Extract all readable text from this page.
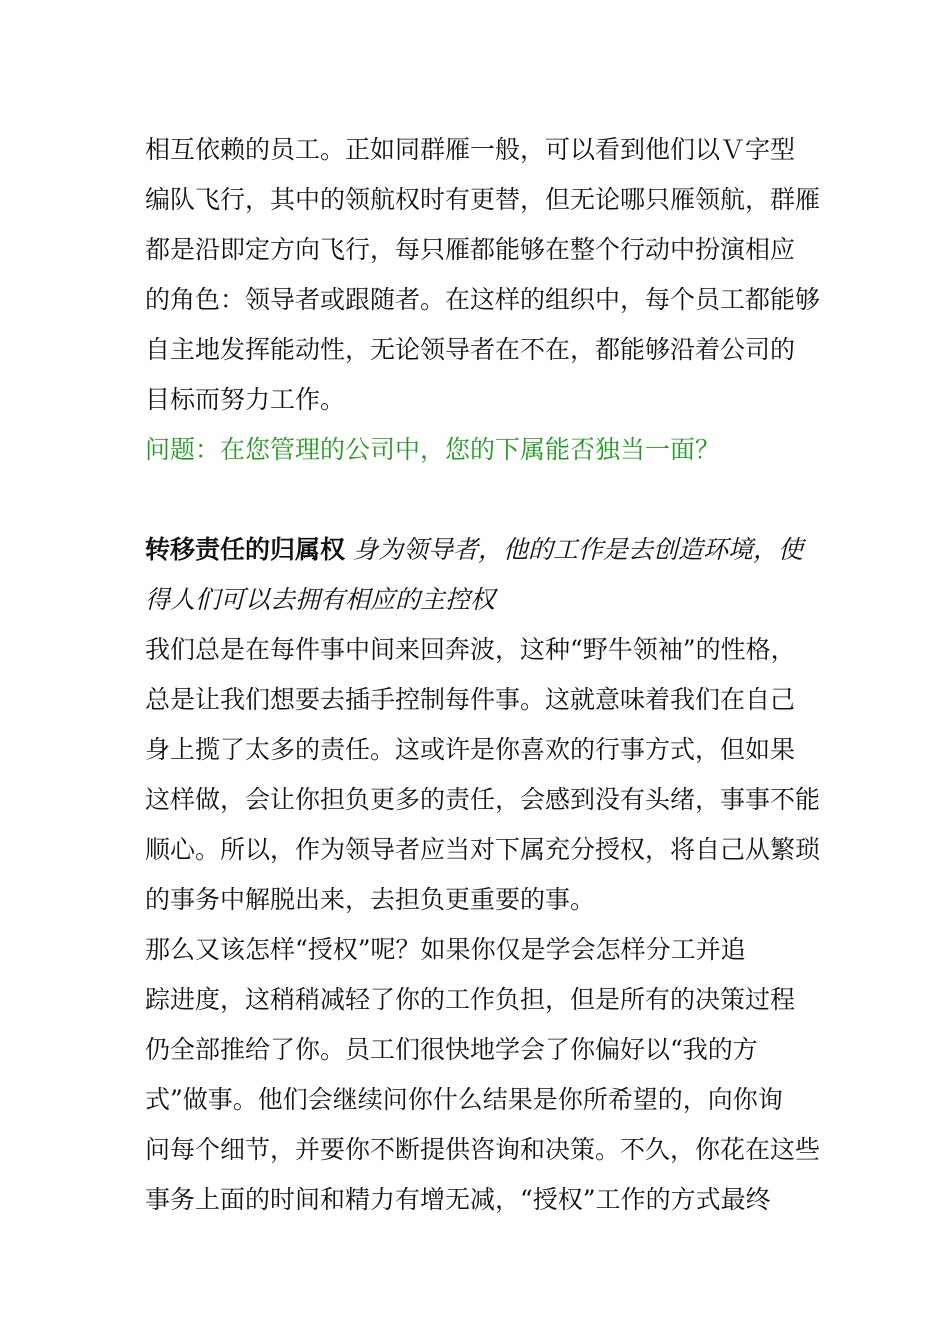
相互依赖的员工。正如同群雁一般，可以看到他们以Ｖ字型
编队飞行，其中的领航权时有更替，但无论哪只雁领航，群雁
都是沿即定方向飞行，每只雁都能够在整个行动中扮演相应
的角色：领导者或跟随者。在这样的组织中，每个员工都能够
自主地发挥能动性，无论领导者在不在，都能够沿着公司的
目标而努力工作。
问题：在您管理的公司中，您的下属能否独当一面？
转移责任的归属权 身为领导者，他的工作是去创造环境，使
得人们可以去拥有相应的主控权
我们总是在每件事中间来回奔波，这种“野牛领袖”的性格，
总是让我们想要去插手控制每件事。这就意味着我们在自己
身上揽了太多的责任。这或许是你喜欢的行事方式，但如果
这样做，会让你担负更多的责任，会感到没有头绪，事事不能
顺心。所以，作为领导者应当对下属充分授权，将自己从繁琐
的事务中解脱出来，去担负更重要的事。
那么又该怎样“授权”呢？如果你仅是学会怎样分工并追
踪进度，这稍稍减轻了你的工作负担，但是所有的决策过程
仍全部推给了你。员工们很快地学会了你偏好以“我的方
式”做事。他们会继续问你什么结果是你所希望的，向你询
问每个细节，并要你不断提供咨询和决策。不久，你花在这些
事务上面的时间和精力有增无减，“授权”工作的方式最终
